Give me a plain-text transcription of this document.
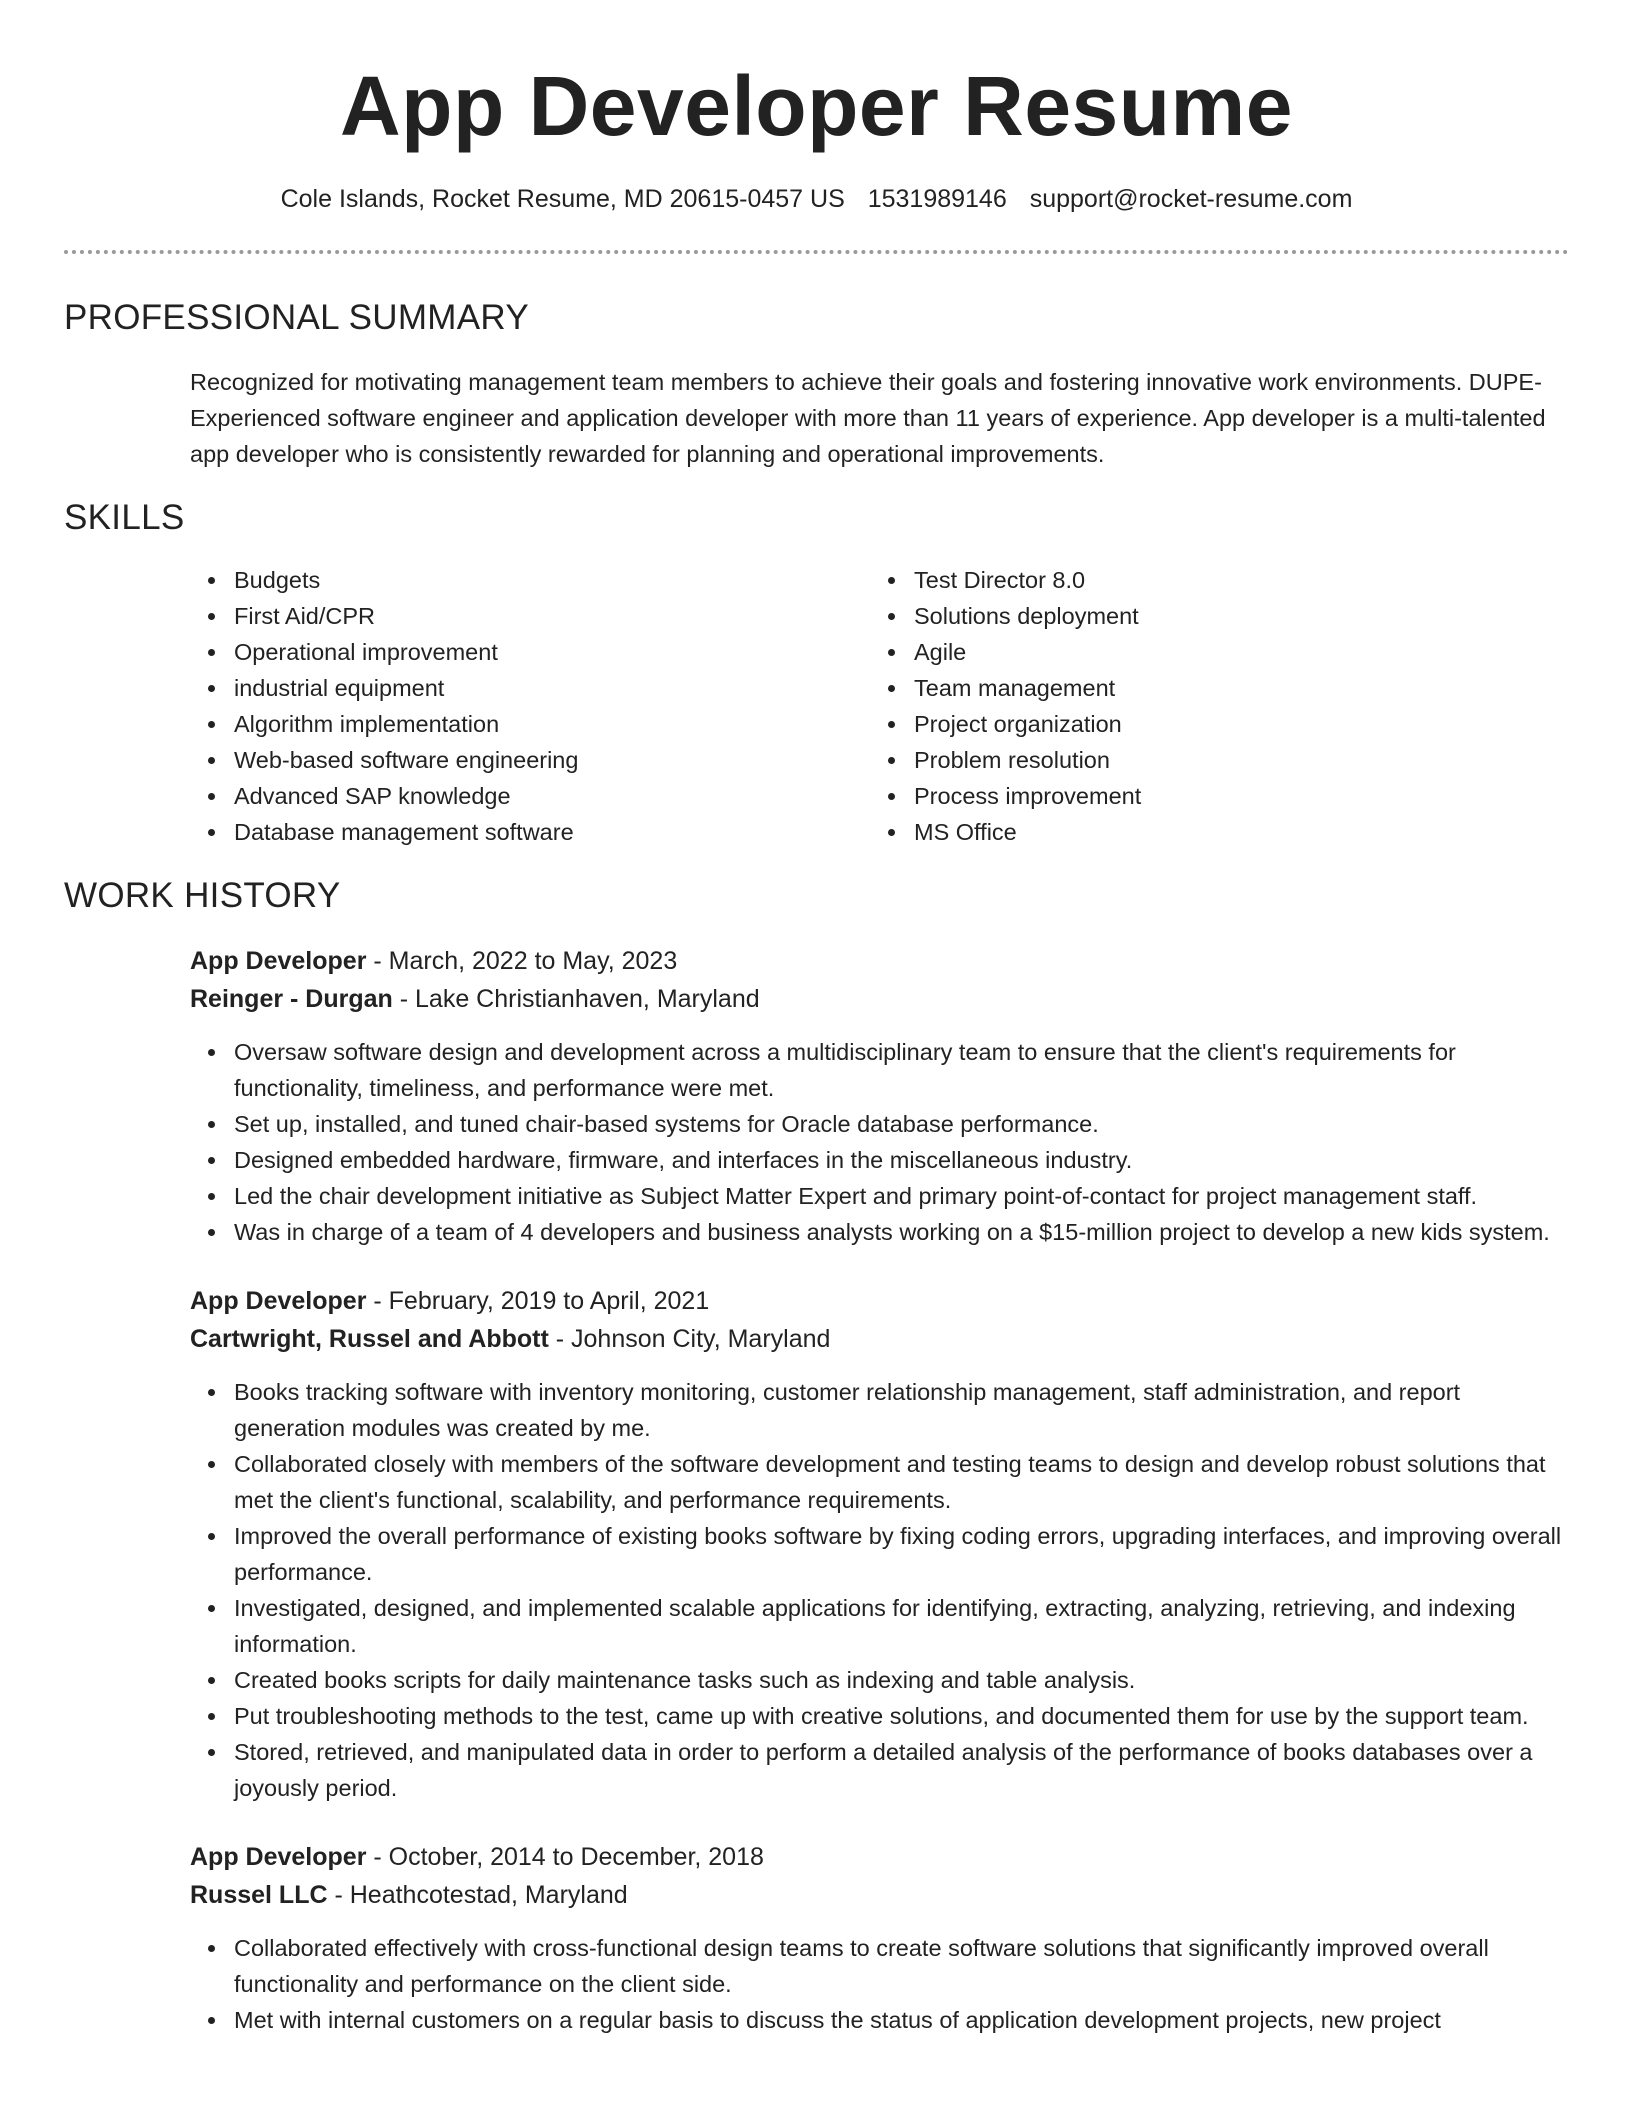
App Developer Resume
Cole Islands, Rocket Resume, MD 20615-0457 US 1531989146 support@rocket-resume.com
PROFESSIONAL SUMMARY

Recognized for motivating management team members to achieve their goals and fostering innovative work environments. DUPE- Experienced software engineer and application developer with more than 11 years of experience. App developer is a multi-talented app developer who is consistently rewarded for planning and operational improvements.

SKILLS
Budgets
First Aid/CPR
Operational improvement
industrial equipment
Algorithm implementation
Web-based software engineering
Advanced SAP knowledge
Database management software
Test Director 8.0
Solutions deployment
Agile
Team management
Project organization
Problem resolution
Process improvement
MS Office
WORK HISTORY
App Developer - March, 2022 to May, 2023
Reinger - Durgan - Lake Christianhaven, Maryland
Oversaw software design and development across a multidisciplinary team to ensure that the client's requirements for functionality, timeliness, and performance were met.
Set up, installed, and tuned chair-based systems for Oracle database performance.
Designed embedded hardware, firmware, and interfaces in the miscellaneous industry.
Led the chair development initiative as Subject Matter Expert and primary point-of-contact for project management staff.
Was in charge of a team of 4 developers and business analysts working on a $15-million project to develop a new kids system.
App Developer - February, 2019 to April, 2021
Cartwright, Russel and Abbott - Johnson City, Maryland
Books tracking software with inventory monitoring, customer relationship management, staff administration, and report generation modules was created by me.
Collaborated closely with members of the software development and testing teams to design and develop robust solutions that met the client's functional, scalability, and performance requirements.
Improved the overall performance of existing books software by fixing coding errors, upgrading interfaces, and improving overall performance.
Investigated, designed, and implemented scalable applications for identifying, extracting, analyzing, retrieving, and indexing information.
Created books scripts for daily maintenance tasks such as indexing and table analysis.
Put troubleshooting methods to the test, came up with creative solutions, and documented them for use by the support team.
Stored, retrieved, and manipulated data in order to perform a detailed analysis of the performance of books databases over a joyously period.
App Developer - October, 2014 to December, 2018
Russel LLC - Heathcotestad, Maryland
Collaborated effectively with cross-functional design teams to create software solutions that significantly improved overall functionality and performance on the client side.
Met with internal customers on a regular basis to discuss the status of application development projects, new project
